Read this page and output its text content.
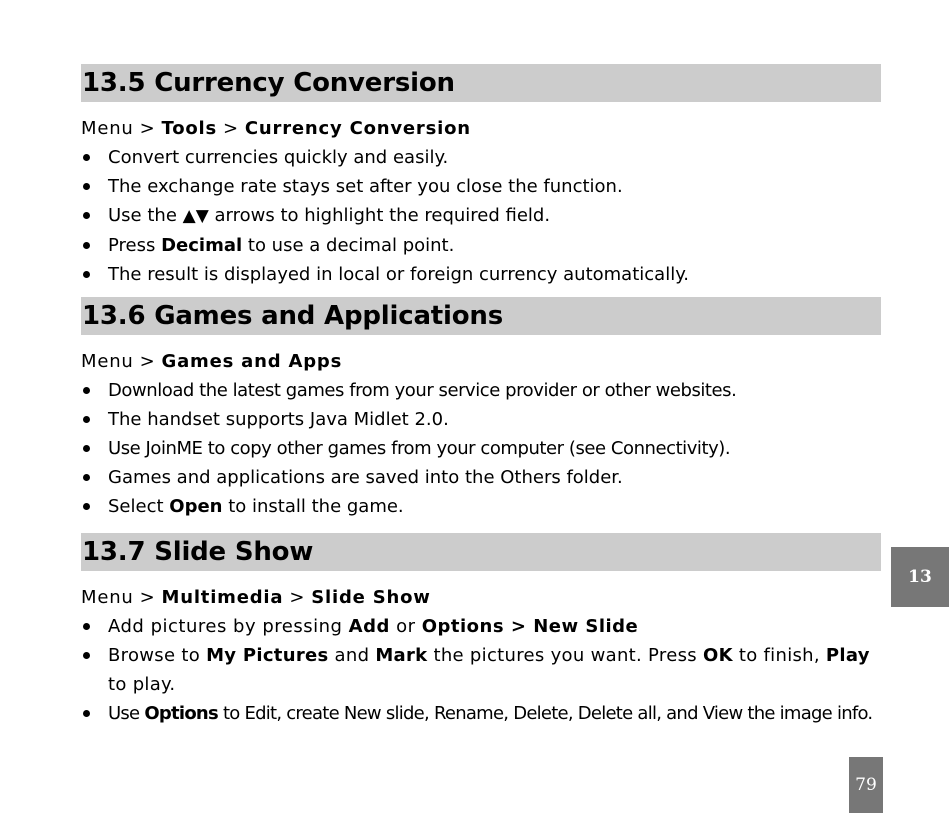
13.5 Currency Conversion
Menu > Tools > Currency Conversion
Convert currencies quickly and easily.
The exchange rate stays set after you close the function.
Use the ▲▼ arrows to highlight the required field.
Press Decimal to use a decimal point.
The result is displayed in local or foreign currency automatically.
13.6 Games and Applications
Menu > Games and Apps
Download the latest games from your service provider or other websites.
The handset supports Java Midlet 2.0.
Use JoinME to copy other games from your computer (see Connectivity).
Games and applications are saved into the Others folder.
Select Open to install the game.
13.7 Slide Show
Menu > Multimedia > Slide Show
Add pictures by pressing Add or Options > New Slide
Browse to My Pictures and Mark the pictures you want. Press OK to finish, Play to play.
Use Options to Edit, create New slide, Rename, Delete, Delete all, and View the image info.
13
79
